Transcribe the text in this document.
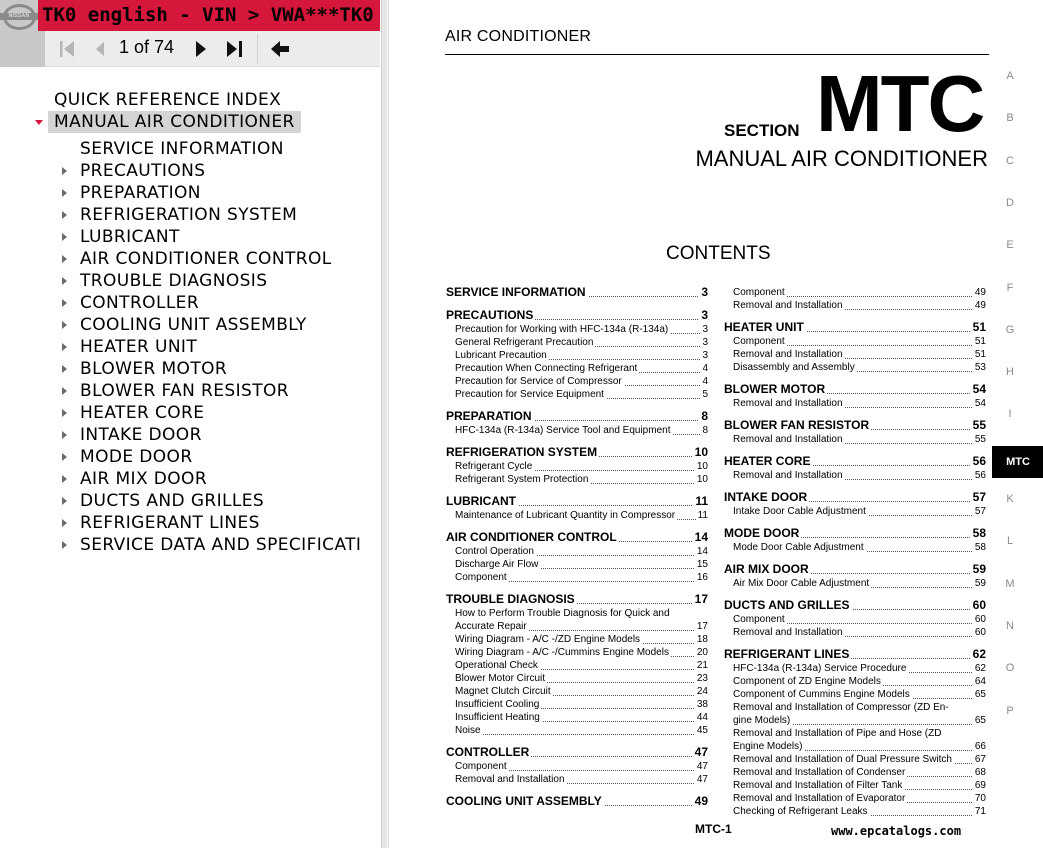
NISSAN TK0 english - VIN > VWA***TK0
1 of 74
QUICK REFERENCE INDEX
MANUAL AIR CONDITIONER
SERVICE INFORMATION
PRECAUTIONS
PREPARATION
REFRIGERATION SYSTEM
LUBRICANT
AIR CONDITIONER CONTROL
TROUBLE DIAGNOSIS
CONTROLLER
COOLING UNIT ASSEMBLY
HEATER UNIT
BLOWER MOTOR
BLOWER FAN RESISTOR
HEATER CORE
INTAKE DOOR
MODE DOOR
AIR MIX DOOR
DUCTS AND GRILLES
REFRIGERANT LINES
SERVICE DATA AND SPECIFICATI
AIR CONDITIONER
SECTION MTC
MANUAL AIR CONDITIONER
CONTENTS
SERVICE INFORMATION	3
PRECAUTIONS	3
Precaution for Working with HFC-134a (R-134a)	3
General Refrigerant Precaution	3
Lubricant Precaution	3
Precaution When Connecting Refrigerant	4
Precaution for Service of Compressor	4
Precaution for Service Equipment	5
PREPARATION	8
HFC-134a (R-134a) Service Tool and Equipment	8
REFRIGERATION SYSTEM	10
Refrigerant Cycle	10
Refrigerant System Protection	10
LUBRICANT	11
Maintenance of Lubricant Quantity in Compressor 11
AIR CONDITIONER CONTROL	14
Control Operation	14
Discharge Air Flow	15
Component	16
TROUBLE DIAGNOSIS	17
How to Perform Trouble Diagnosis for Quick and
Accurate Repair	17
Wiring Diagram - A/C -/ZD Engine Models	18
Wiring Diagram - A/C -/Cummins Engine Models	20
Operational Check	21
Blower Motor Circuit	23
Magnet Clutch Circuit	24
Insufficient Cooling	38
Insufficient Heating	44
Noise	45
CONTROLLER	47
Component	47
Removal and Installation	47
COOLING UNIT ASSEMBLY	49
Component	49
Removal and Installation	49
HEATER UNIT	51
Component	51
Removal and Installation	51
Disassembly and Assembly	53
BLOWER MOTOR	54
Removal and Installation	54
BLOWER FAN RESISTOR	55
Removal and Installation	55
HEATER CORE	56
Removal and Installation	56
INTAKE DOOR	57
Intake Door Cable Adjustment	57
MODE DOOR	58
Mode Door Cable Adjustment	58
AIR MIX DOOR	59
Air Mix Door Cable Adjustment	59
DUCTS AND GRILLES	60
Component	60
Removal and Installation	60
REFRIGERANT LINES	62
HFC-134a (R-134a) Service Procedure	62
Component of ZD Engine Models	64
Component of Cummins Engine Models	65
Removal and Installation of Compressor (ZD En-
gine Models)	65
Removal and Installation of Pipe and Hose (ZD
Engine Models)	66
Removal and Installation of Dual Pressure Switch 67
Removal and Installation of Condenser	68
Removal and Installation of Filter Tank	69
Removal and Installation of Evaporator	70
Checking of Refrigerant Leaks	71
A
B
C
D
E
F
G
H
I
MTC
K
L
M
N
O
P
MTC-1	www.epcatalogs.com
